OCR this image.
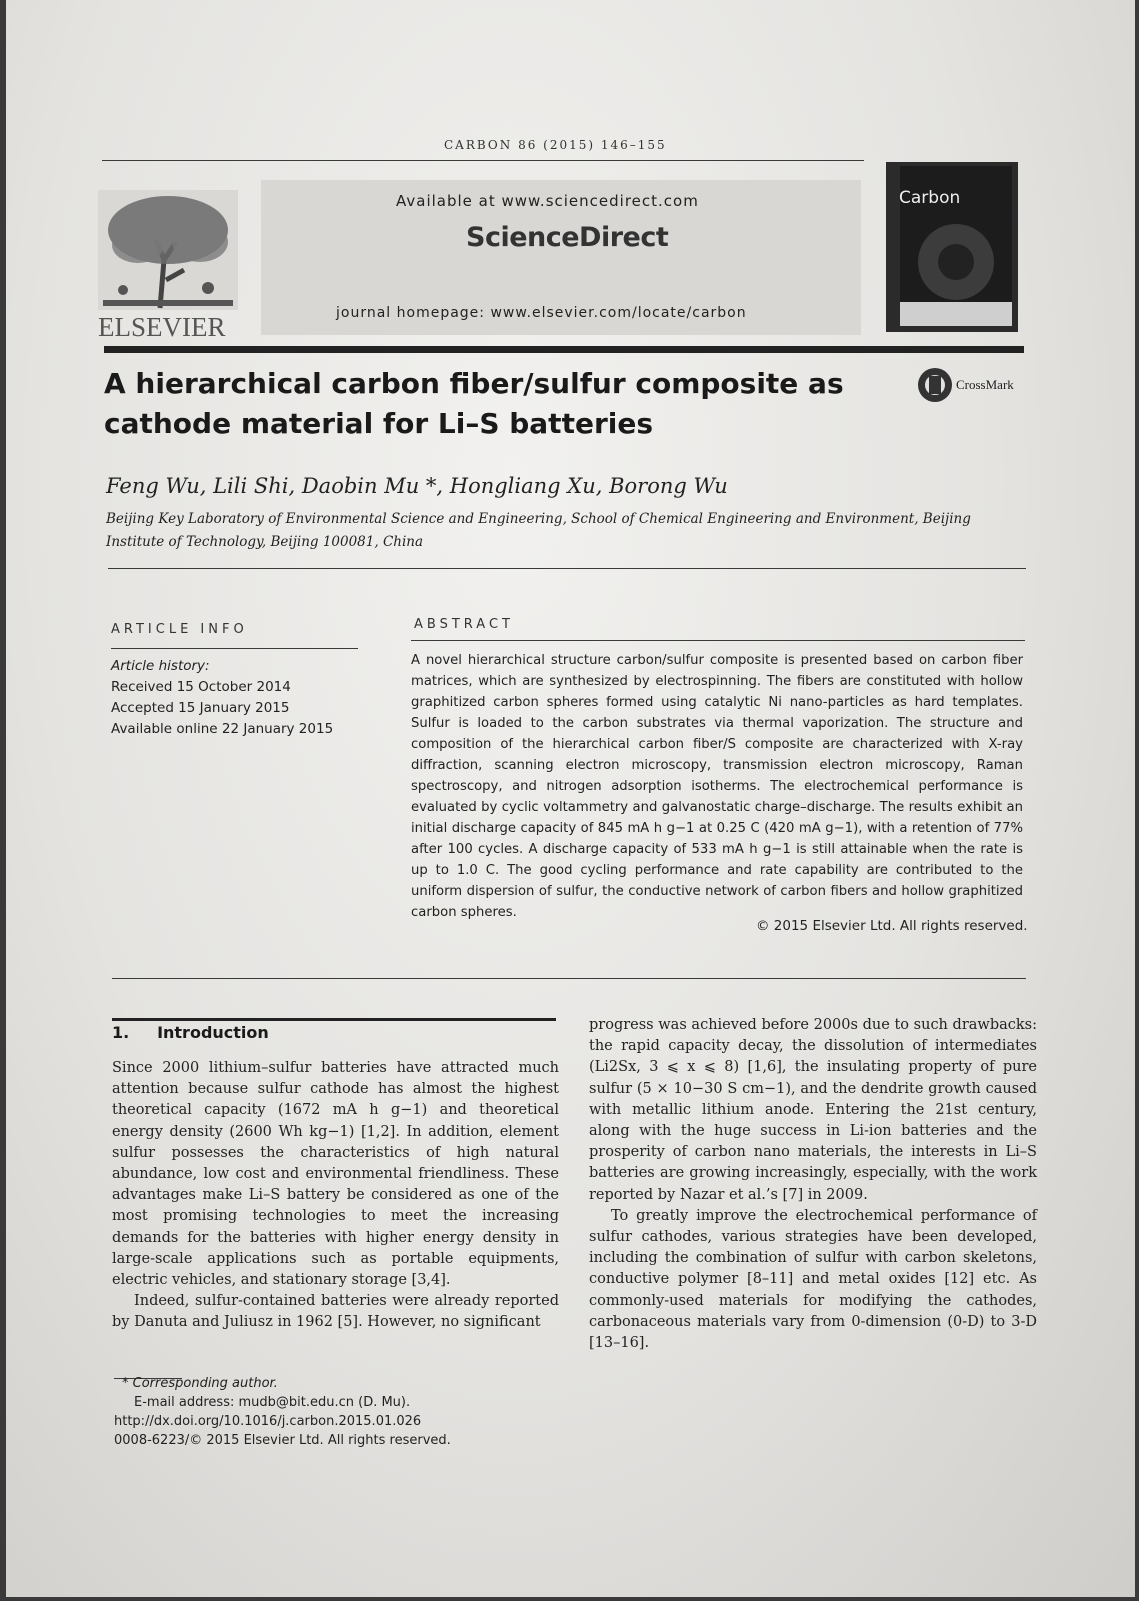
CARBON 86 (2015) 146–155
ELSEVIER
Available at www.sciencedirect.com
ScienceDirect
journal homepage: www.elsevier.com/locate/carbon
Carbon
A hierarchical carbon fiber/sulfur composite as
cathode material for Li–S batteries
CrossMark
Feng Wu, Lili Shi, Daobin Mu *, Hongliang Xu, Borong Wu
Beijing Key Laboratory of Environmental Science and Engineering, School of Chemical Engineering and Environment, Beijing Institute of Technology, Beijing 100081, China
ARTICLE INFO
Article history:
Received 15 October 2014
Accepted 15 January 2015
Available online 22 January 2015
ABSTRACT
A novel hierarchical structure carbon/sulfur composite is presented based on carbon fiber matrices, which are synthesized by electrospinning. The fibers are constituted with hollow graphitized carbon spheres formed using catalytic Ni nano-particles as hard templates. Sulfur is loaded to the carbon substrates via thermal vaporization. The structure and composition of the hierarchical carbon fiber/S composite are characterized with X-ray diffraction, scanning electron microscopy, transmission electron microscopy, Raman spectroscopy, and nitrogen adsorption isotherms. The electrochemical performance is evaluated by cyclic voltammetry and galvanostatic charge–discharge. The results exhibit an initial discharge capacity of 845 mA h g−1 at 0.25 C (420 mA g−1), with a retention of 77% after 100 cycles. A discharge capacity of 533 mA h g−1 is still attainable when the rate is up to 1.0 C. The good cycling performance and rate capability are contributed to the uniform dispersion of sulfur, the conductive network of carbon fibers and hollow graphitized carbon spheres.
© 2015 Elsevier Ltd. All rights reserved.
1.     Introduction

Since 2000 lithium–sulfur batteries have attracted much attention because sulfur cathode has almost the highest theoretical capacity (1672 mA h g−1) and theoretical energy density (2600 Wh kg−1) [1,2]. In addition, element sulfur possesses the characteristics of high natural abundance, low cost and environmental friendliness. These advantages make Li–S battery be considered as one of the most promising technologies to meet the increasing demands for the batteries with higher energy density in large-scale applications such as portable equipments, electric vehicles, and stationary storage [3,4].

Indeed, sulfur-contained batteries were already reported by Danuta and Juliusz in 1962 [5]. However, no significant

progress was achieved before 2000s due to such drawbacks: the rapid capacity decay, the dissolution of intermediates (Li2Sx, 3 ⩽ x ⩽ 8) [1,6], the insulating property of pure sulfur (5 × 10−30 S cm−1), and the dendrite growth caused with metallic lithium anode. Entering the 21st century, along with the huge success in Li-ion batteries and the prosperity of carbon nano materials, the interests in Li–S batteries are growing increasingly, especially, with the work reported by Nazar et al.’s [7] in 2009.

To greatly improve the electrochemical performance of sulfur cathodes, various strategies have been developed, including the combination of sulfur with carbon skeletons, conductive polymer [8–11] and metal oxides [12] etc. As commonly-used materials for modifying the cathodes, carbonaceous materials vary from 0-dimension (0-D) to 3-D [13–16].

* Corresponding author.
E-mail address: mudb@bit.edu.cn (D. Mu).
http://dx.doi.org/10.1016/j.carbon.2015.01.026
0008-6223/© 2015 Elsevier Ltd. All rights reserved.
